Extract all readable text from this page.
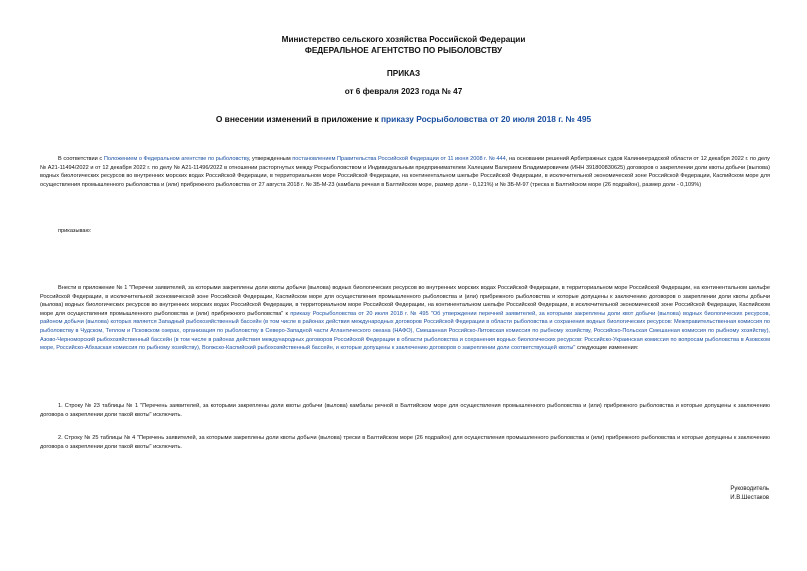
Министерство сельского хозяйства Российской Федерации
ФЕДЕРАЛЬНОЕ АГЕНТСТВО ПО РЫБОЛОВСТВУ
ПРИКАЗ
от 6 февраля 2023 года № 47
О внесении изменений в приложение к приказу Росрыболовства от 20 июля 2018 г. № 495
В соответствии с Положением о Федеральном агентстве по рыболовству, утвержденным постановлением Правительства Российской Федерации от 11 июня 2008 г. № 444, на основании решений Арбитражных судов Калининградской области от 12 декабря 2022 г. по делу № А21-11494/2022 и от 12 декабря 2022 г. по делу № А21-11496/2022 в отношении расторгнутых между Росрыболовством и Индивидуальным предпринимателем Халецким Валерием Владимировичем (ИНН 391800830625) договоров о закреплении доли квоты добычи (вылова) водных биологических ресурсов во внутренних морских водах Российской Федерации, в территориальном море Российской Федерации, на континентальном шельфе Российской Федерации, в исключительной экономической зоне Российской Федерации, Каспийском море для осуществления промышленного рыболовства и (или) прибрежного рыболовства от 27 августа 2018 г. № 3Б-М-23 (камбала речная в Балтийском море, размер доли - 0,121%) и № 3Б-М-97 (треска в Балтийском море (26 подрайон), размер доли - 0,109%)
приказываю:
Внести в приложение № 1 "Перечни заявителей, за которыми закреплены доли квоты добычи (вылова) водных биологических ресурсов во внутренних морских водах Российской Федерации, в территориальном море Российской Федерации, на континентальном шельфе Российской Федерации, в исключительной экономической зоне Российской Федерации, Каспийском море для осуществления промышленного рыболовства и (или) прибрежного рыболовства и которые допущены к заключению договоров о закреплении доли квоты добычи (вылова) водных биологических ресурсов во внутренних морских водах Российской Федерации, в территориальном море Российской Федерации, на континентальном шельфе Российской Федерации, в исключительной экономической зоне Российской Федерации, Каспийском море для осуществления промышленного рыболовства и (или) прибрежного рыболовства" к приказу Росрыболовства от 20 июля 2018 г. № 495 "Об утверждении перечней заявителей, за которыми закреплены доли квот добычи (вылова) водных биологических ресурсов, районом добычи (вылова) которых является Западный рыбохозяйственный бассейн (в том числе в районах действия международных договоров Российской Федерации в области рыболовства и сохранения водных биологических ресурсов: Межправительственная комиссия по рыболовству в Чудском, Теплом и Псковском озерах, организация по рыболовству в Северо-Западной части Атлантического океана (НАФО), Смешанная Российско-Литовская комиссия по рыбному хозяйству, Российско-Польская Смешанная комиссия по рыбному хозяйству), Азово-Черноморский рыбохозяйственный бассейн (в том числе в районах действия международных договоров Российской Федерации в области рыболовства и сохранения водных биологических ресурсов: Российско-Украинская комиссия по вопросам рыболовства в Азовском море, Российско-Абхазская комиссия по рыбному хозяйству), Волжско-Каспийский рыбохозяйственный бассейн, и которые допущены к заключению договоров о закреплении доли соответствующей квоты" следующие изменения:
1. Строку № 23 таблицы № 1 "Перечень заявителей, за которыми закреплены доли квоты добычи (вылова) камбалы речной в Балтийском море для осуществления промышленного рыболовства и (или) прибрежного рыболовства и которые допущены к заключению договора о закреплении доли такой квоты" исключить.
2. Строку № 25 таблицы № 4 "Перечень заявителей, за которыми закреплены доли квоты добычи (вылова) трески в Балтийском море (26 подрайон) для осуществления промышленного рыболовства и (или) прибрежного рыболовства и которые допущены к заключению договора о закреплении доли такой квоты" исключить.
Руководитель
И.В.Шестаков
